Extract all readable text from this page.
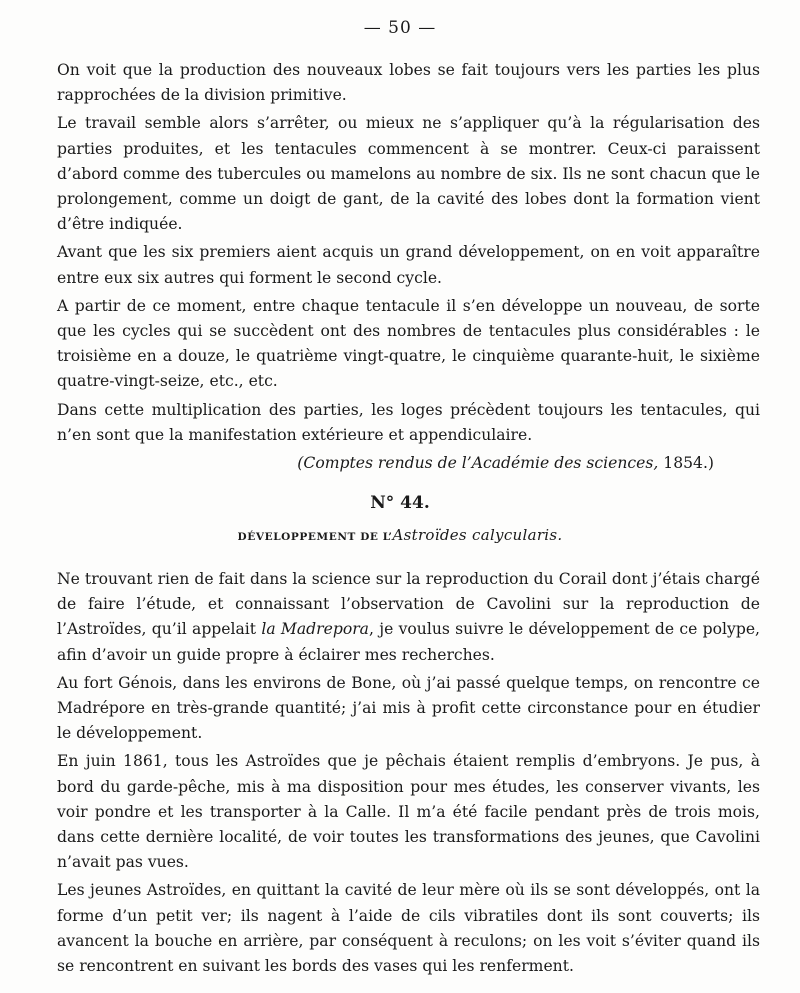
— 50 —

On voit que la production des nouveaux lobes se fait toujours vers les parties les plus rapprochées de la division primitive.

Le travail semble alors s’arrêter, ou mieux ne s’appliquer qu’à la régularisation des parties produites, et les tentacules commencent à se montrer. Ceux-ci paraissent d’abord comme des tubercules ou mamelons au nombre de six. Ils ne sont chacun que le prolongement, comme un doigt de gant, de la cavité des lobes dont la formation vient d’être indiquée.

Avant que les six premiers aient acquis un grand développement, on en voit apparaître entre eux six autres qui forment le second cycle.

A partir de ce moment, entre chaque tentacule il s’en développe un nouveau, de sorte que les cycles qui se succèdent ont des nombres de tentacules plus considérables : le troisième en a douze, le quatrième vingt-quatre, le cinquième quarante-huit, le sixième quatre-vingt-seize, etc., etc.

Dans cette multiplication des parties, les loges précèdent toujours les tentacules, qui n’en sont que la manifestation extérieure et appendiculaire.

(Comptes rendus de l’Académie des sciences, 1854.)
N° 44.
DÉVELOPPEMENT DE L’Astroïdes calycularis.

Ne trouvant rien de fait dans la science sur la reproduction du Corail dont j’étais chargé de faire l’étude, et connaissant l’observation de Cavolini sur la reproduction de l’Astroïdes, qu’il appelait la Madrepora, je voulus suivre le développement de ce polype, afin d’avoir un guide propre à éclairer mes recherches.

Au fort Génois, dans les environs de Bone, où j’ai passé quelque temps, on rencontre ce Madrépore en très-grande quantité; j’ai mis à profit cette circonstance pour en étudier le développement.

En juin 1861, tous les Astroïdes que je pêchais étaient remplis d’embryons. Je pus, à bord du garde-pêche, mis à ma disposition pour mes études, les conserver vivants, les voir pondre et les transporter à la Calle. Il m’a été facile pendant près de trois mois, dans cette dernière localité, de voir toutes les transformations des jeunes, que Cavolini n’avait pas vues.

Les jeunes Astroïdes, en quittant la cavité de leur mère où ils se sont développés, ont la forme d’un petit ver; ils nagent à l’aide de cils vibratiles dont ils sont couverts; ils avancent la bouche en arrière, par conséquent à reculons; on les voit s’éviter quand ils se rencontrent en suivant les bords des vases qui les renferment.
